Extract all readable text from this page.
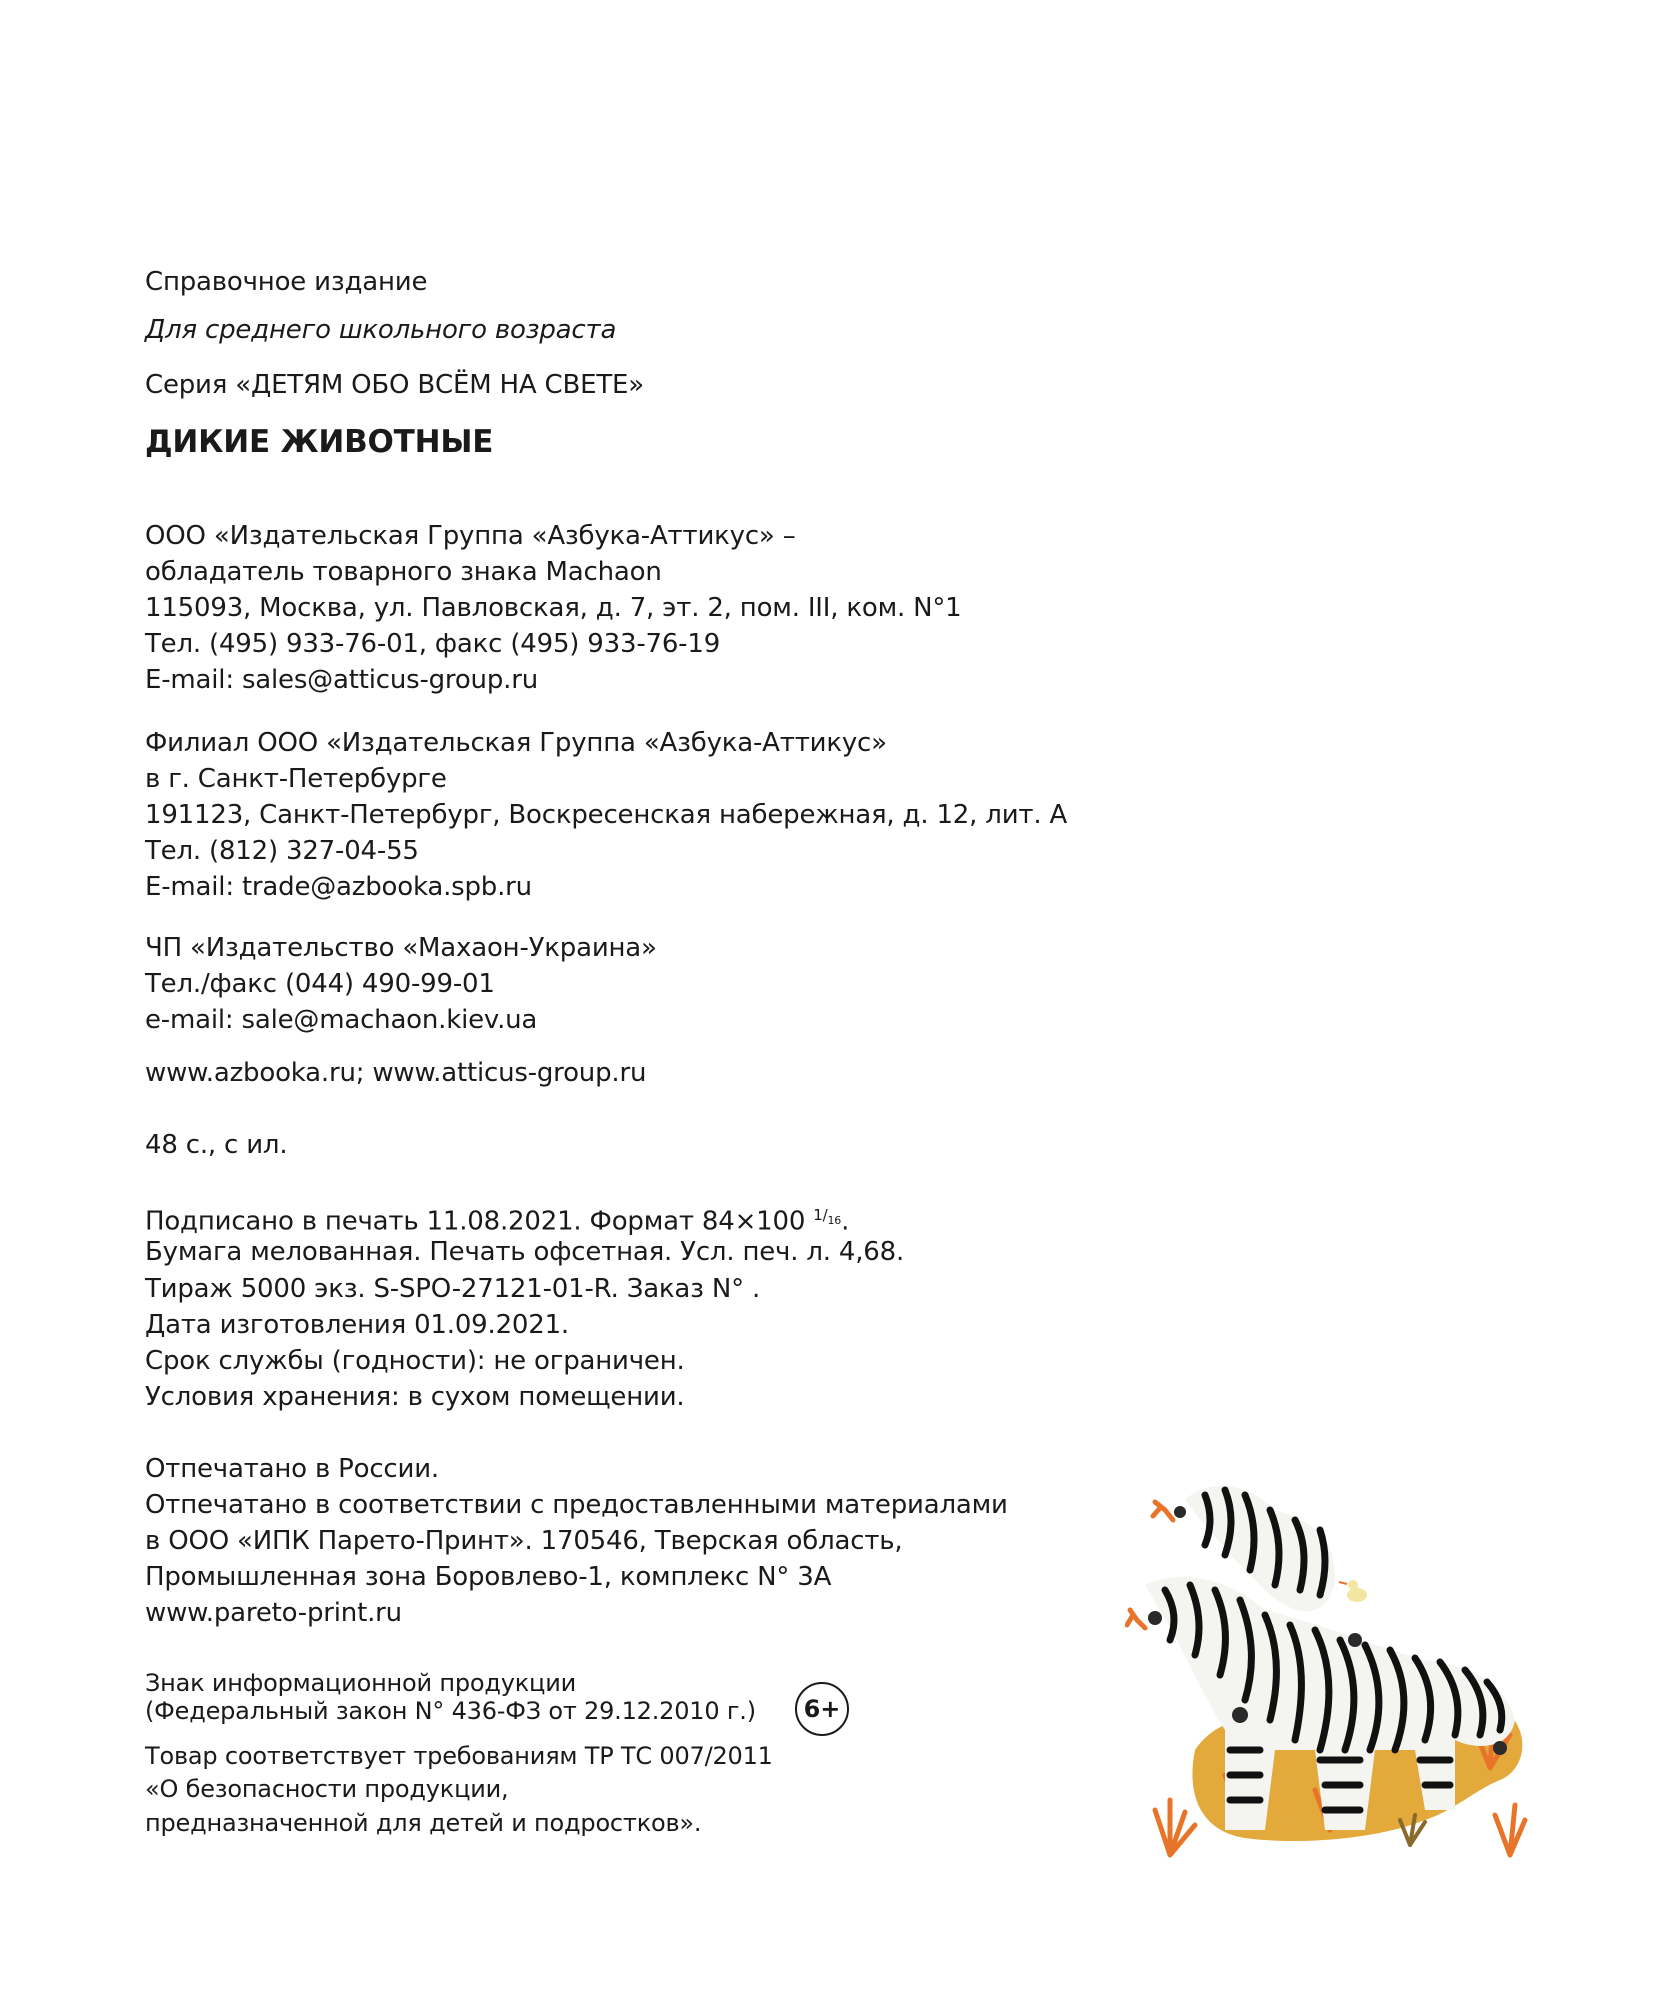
Справочное издание
Для среднего школьного возраста
Серия «ДЕТЯМ ОБО ВСЁМ НА СВЕТЕ»
ДИКИЕ ЖИВОТНЫЕ
ООО «Издательская Группа «Азбука-Аттикус» –
обладатель товарного знака Machaon
115093, Москва, ул. Павловская, д. 7, эт. 2, пом. III, ком. N°1
Тел. (495) 933-76-01, факс (495) 933-76-19
E-mail: sales@atticus-group.ru
Филиал ООО «Издательская Группа «Азбука-Аттикус»
в г. Санкт-Петербурге
191123, Санкт-Петербург, Воскресенская набережная, д. 12, лит. А
Тел. (812) 327-04-55
E-mail: trade@azbooka.spb.ru
ЧП «Издательство «Махаон-Украина»
Тел./факс (044) 490-99-01
e-mail: sale@machaon.kiev.ua
www.azbooka.ru; www.atticus-group.ru
48 с., с ил.
Подписано в печать 11.08.2021. Формат 84×100 $^{1/_{16}}$.
Бумага мелованная. Печать офсетная. Усл. печ. л. 4,68.
Тираж 5000 экз. S-SPO-27121-01-R. Заказ N° .
Дата изготовления 01.09.2021.
Срок службы (годности): не ограничен.
Условия хранения: в сухом помещении.
Отпечатано в России.
Отпечатано в соответствии с предоставленными материалами
в ООО «ИПК Парето-Принт». 170546, Тверская область,
Промышленная зона Боровлево-1, комплекс N° 3А
www.pareto-print.ru
Знак информационной продукции
(Федеральный закон N° 436-ФЗ от 29.12.2010 г.)	6+
Товар соответствует требованиям ТР ТС 007/2011
«О безопасности продукции,
предназначенной для детей и подростков».
